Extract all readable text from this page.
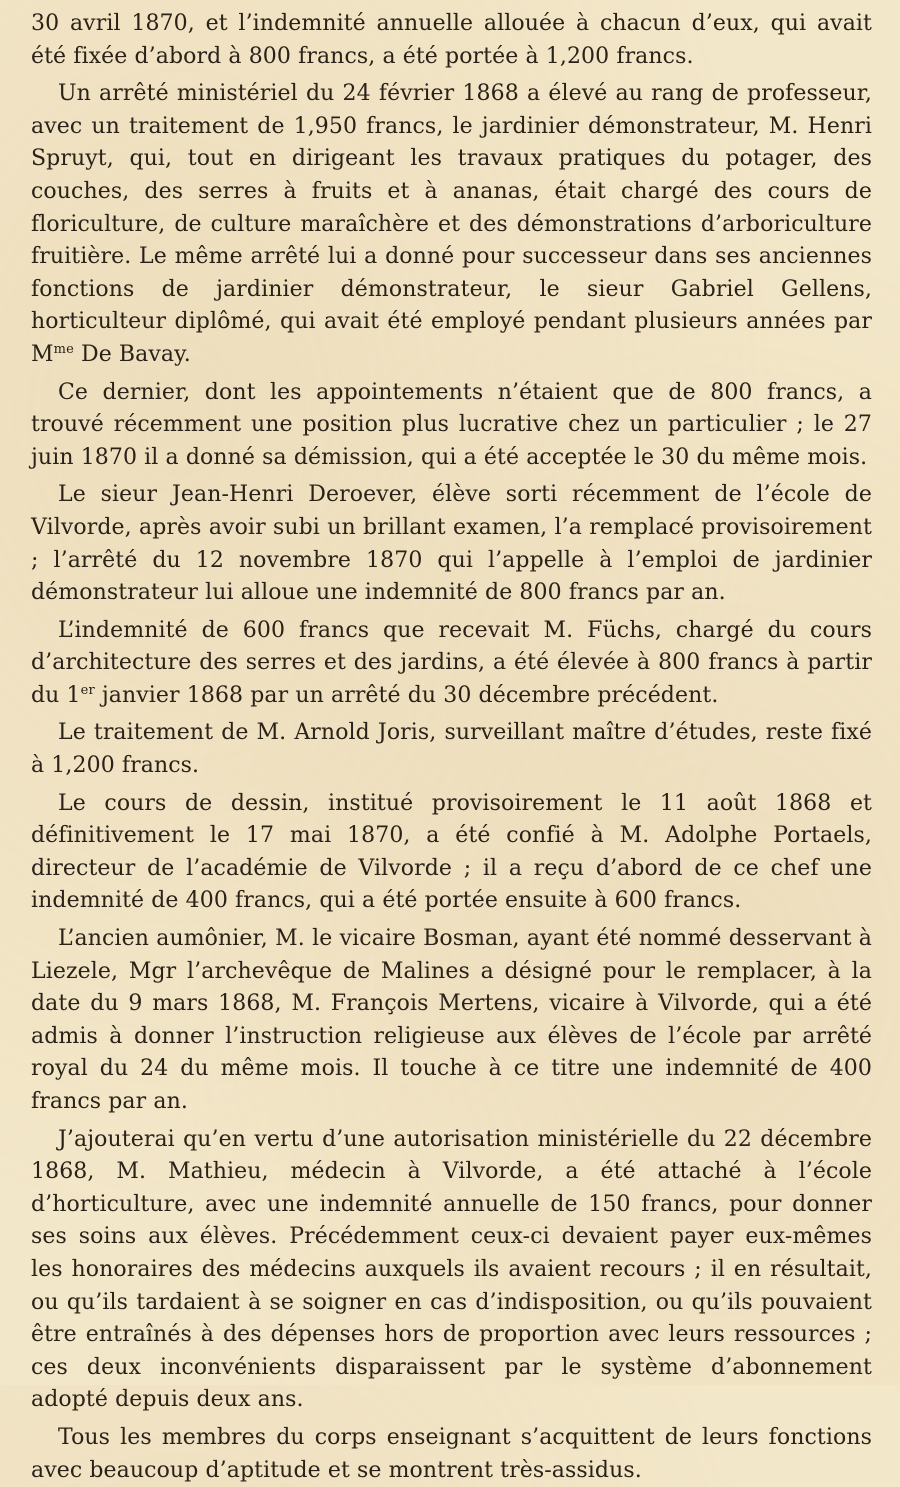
30 avril 1870, et l’indemnité annuelle allouée à chacun d’eux, qui avait été fixée d’abord à 800 francs, a été portée à 1,200 francs.

Un arrêté ministériel du 24 février 1868 a élevé au rang de professeur, avec un traitement de 1,950 francs, le jardinier démonstrateur, M. Henri Spruyt, qui, tout en dirigeant les travaux pratiques du potager, des couches, des serres à fruits et à ananas, était chargé des cours de floriculture, de culture maraîchère et des démonstrations d’arboriculture fruitière. Le même arrêté lui a donné pour successeur dans ses anciennes fonctions de jardinier démonstrateur, le sieur Gabriel Gellens, horticulteur diplômé, qui avait été employé pendant plusieurs années par $M^{me}$ De Bavay.

Ce dernier, dont les appointements n’étaient que de 800 francs, a trouvé récemment une position plus lucrative chez un particulier ; le 27 juin 1870 il a donné sa démission, qui a été acceptée le 30 du même mois.

Le sieur Jean-Henri Deroever, élève sorti récemment de l’école de Vilvorde, après avoir subi un brillant examen, l’a remplacé provisoirement ; l’arrêté du 12 novembre 1870 qui l’appelle à l’emploi de jardinier démonstrateur lui alloue une indemnité de 800 francs par an.

L’indemnité de 600 francs que recevait M. Füchs, chargé du cours d’architecture des serres et des jardins, a été élevée à 800 francs à partir du 1er janvier 1868 par un arrêté du 30 décembre précédent.

Le traitement de M. Arnold Joris, surveillant maître d’études, reste fixé à 1,200 francs.

Le cours de dessin, institué provisoirement le 11 août 1868 et définitivement le 17 mai 1870, a été confié à M. Adolphe Portaels, directeur de l’académie de Vilvorde ; il a reçu d’abord de ce chef une indemnité de 400 francs, qui a été portée ensuite à 600 francs.

L’ancien aumônier, M. le vicaire Bosman, ayant été nommé desservant à Liezele, Mgr l’archevêque de Malines a désigné pour le remplacer, à la date du 9 mars 1868, M. François Mertens, vicaire à Vilvorde, qui a été admis à donner l’instruction religieuse aux élèves de l’école par arrêté royal du 24 du même mois. Il touche à ce titre une indemnité de 400 francs par an.

J’ajouterai qu’en vertu d’une autorisation ministérielle du 22 décembre 1868, M. Mathieu, médecin à Vilvorde, a été attaché à l’école d’horticulture, avec une indemnité annuelle de 150 francs, pour donner ses soins aux élèves. Précédemment ceux-ci devaient payer eux-mêmes les honoraires des médecins auxquels ils avaient recours ; il en résultait, ou qu’ils tardaient à se soigner en cas d’indisposition, ou qu’ils pouvaient être entraînés à des dépenses hors de proportion avec leurs ressources ; ces deux inconvénients disparaissent par le système d’abonnement adopté depuis deux ans.

Tous les membres du corps enseignant s’acquittent de leurs fonctions avec beaucoup d’aptitude et se montrent très-assidus.
